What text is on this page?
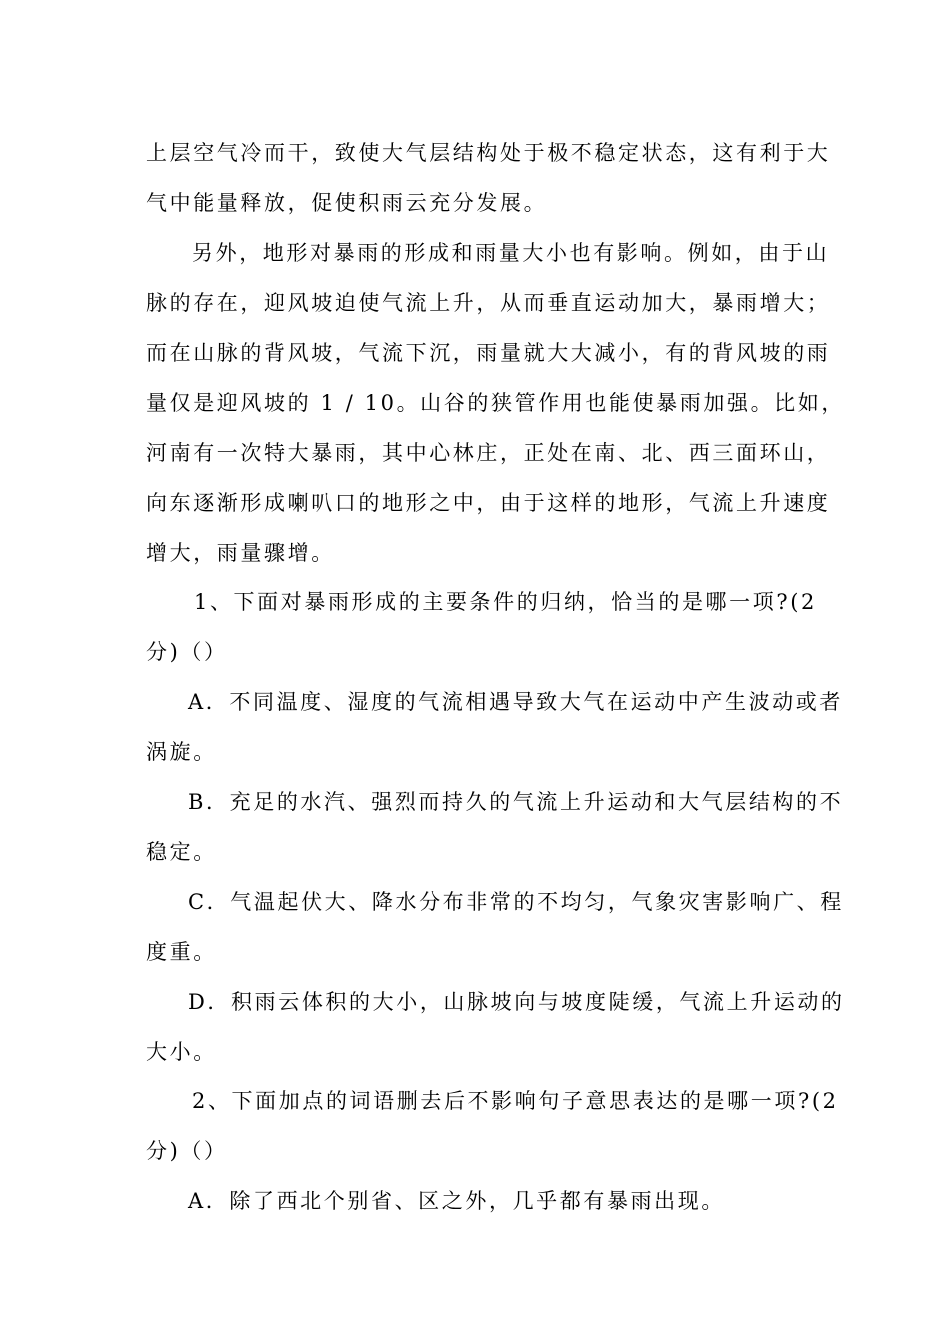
上层空气冷而干，致使大气层结构处于极不稳定状态，这有利于大
气中能量释放，促使积雨云充分发展。
另外，地形对暴雨的形成和雨量大小也有影响。例如，由于山
脉的存在，迎风坡迫使气流上升，从而垂直运动加大，暴雨增大；
而在山脉的背风坡，气流下沉，雨量就大大减小，有的背风坡的雨
量仅是迎风坡的 1 / 10。山谷的狭管作用也能使暴雨加强。比如，
河南有一次特大暴雨，其中心林庄，正处在南、北、西三面环山，
向东逐渐形成喇叭口的地形之中，由于这样的地形，气流上升速度
增大，雨量骤增。
1、下面对暴雨形成的主要条件的归纳，恰当的是哪一项?(2
分)（）
A．不同温度、湿度的气流相遇导致大气在运动中产生波动或者
涡旋。
B．充足的水汽、强烈而持久的气流上升运动和大气层结构的不
稳定。
C．气温起伏大、降水分布非常的不均匀，气象灾害影响广、程
度重。
D．积雨云体积的大小，山脉坡向与坡度陡缓，气流上升运动的
大小。
2、下面加点的词语删去后不影响句子意思表达的是哪一项?(2
分)（）
A．除了西北个别省、区之外，几乎都有暴雨出现。
